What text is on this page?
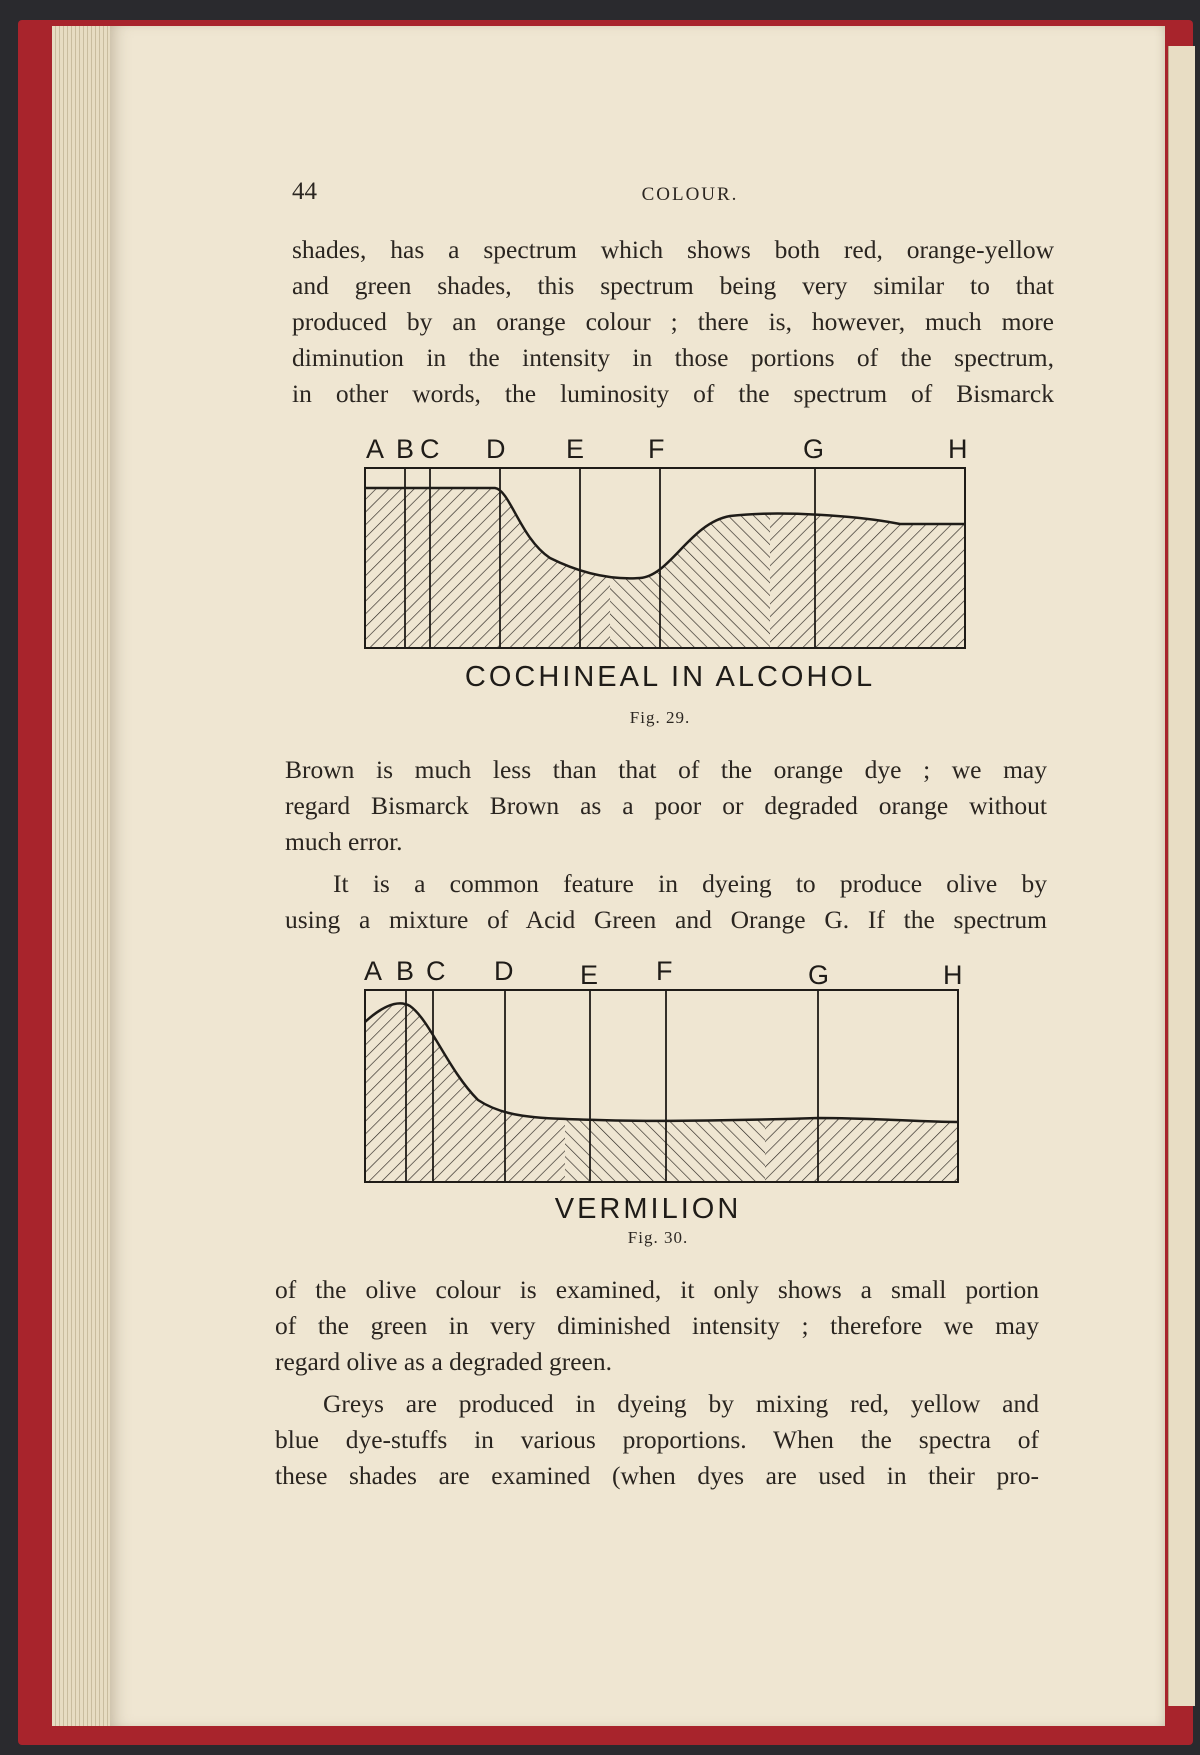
44	COLOUR.
shades, has a spectrum which shows both red, orange-yellow
and green shades, this spectrum being very similar to that
produced by an orange colour ; there is, however, much more
diminution in the intensity in those portions of the spectrum,
in other words, the luminosity of the spectrum of Bismarck
A B C D E F	G	H
COCHINEAL IN ALCOHOL
Fig. 29.
Brown is much less than that of the orange dye ; we may
regard Bismarck Brown as a poor or degraded orange without
much error.
It is a common feature in dyeing to produce olive by
using a mixture of Acid Green and Orange G. If the spectrum
A B C D E F	G	H
VERMILION
Fig. 30.
of the olive colour is examined, it only shows a small portion
of the green in very diminished intensity ; therefore we may
regard olive as a degraded green.
Greys are produced in dyeing by mixing red, yellow and
blue dye-stuffs in various proportions. When the spectra of
these shades are examined (when dyes are used in their pro-
